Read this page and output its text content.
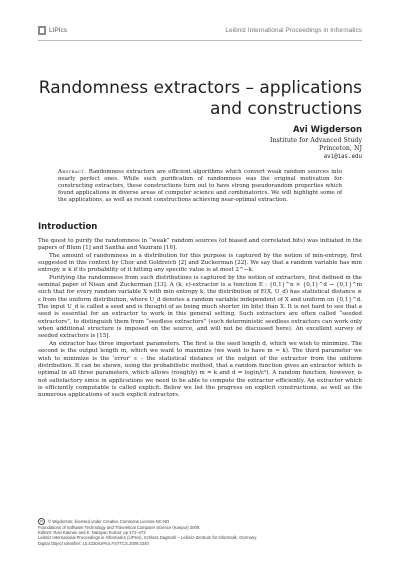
LIPIcs	Leibniz International Proceedings in Informatics
Randomness extractors – applications and constructions
Avi Wigderson
Institute for Advanced Study
Princeton, NJ
avi@ias.edu
Abstract. Randomness extractors are efficient algorithms which convert weak random sources into nearly perfect ones. While such purification of randomness was the original motivation for constructing extractors, these constructions turn out to have strong pseudorandom properties which found applications in diverse areas of computer science and combinatorics. We will highlight some of the applications, as well as recent constructions achieving near-optimal extraction.
Introduction

The quest to purify the randomness in “weak” random sources (of biased and correlated bits) was initiated in the papers of Blum [1] and Santha and Vazirani [16].

The amount of randomness in a distribution for this purpose is captured by the notion of min-entropy, first suggested in this context by Chor and Goldreich [2] and Zuckerman [22]. We say that a random variable has min entropy ≥ k if its probability of it hitting any specific value is at most 2^−k.

Purifying the randomness from such distributions is captured by the notion of extractors, first defined in the seminal paper of Nisan and Zuckerman [13]. A (k, ε)-extractor is a function E : {0,1}^n × {0,1}^d → {0,1}^m such that for every random variable X with min entropy k, the distribution of E(X, U_d) has statistical distance ≤ ε from the uniform distribution, where U_d denotes a random variable independent of X and uniform on {0,1}^d. The input U_d is called a seed and is thought of as being much shorter (in bits) than X. It is not hard to see that a seed is essential for an extractor to work in this general setting. Such extractors are often called “seeded extractors”, to distinguish them from “seedless extractors” (such deterministic seedless extractors can work only when additional structure is imposed on the source, and will not be discussed here). An excellent survey of seeded extractors is [15].

An extractor has three important parameters. The first is the seed length d, which we wish to minimize. The second is the output length m, which we want to maximize (we want to have m ≈ k). The third parameter we wish to minimize is the ‘error’ ε – the statistical distance of the output of the extractor from the uniform distribution. It can be shown, using the probabilistic method, that a random function gives an extractor which is optimal in all three parameters, which allows (roughly) m = k and d = log(n/ε²). A random function, however, is not satisfactory since in applications we need to be able to compute the extractor efficiently. An extractor which is efficiently computable is called explicit. Below we list the progress on explicit constructions, as well as the numerous applications of such explicit extractors.

cc	© Wigderson; licensed under Creative Commons License-NC-ND.
Foundations of Software Technology and Theoretical Computer Science (Kanpur) 2009.
Editors: Ravi Kannan and K. Narayan Kumar; pp 471–473
Leibniz International Proceedings in Informatics (LIPIcs), Schloss Dagstuhl – Leibniz-Zentrum für Informatik, Germany.
Digital Object Identifier: 10.4230/LIPIcs.FSTTCS.2009.2340
